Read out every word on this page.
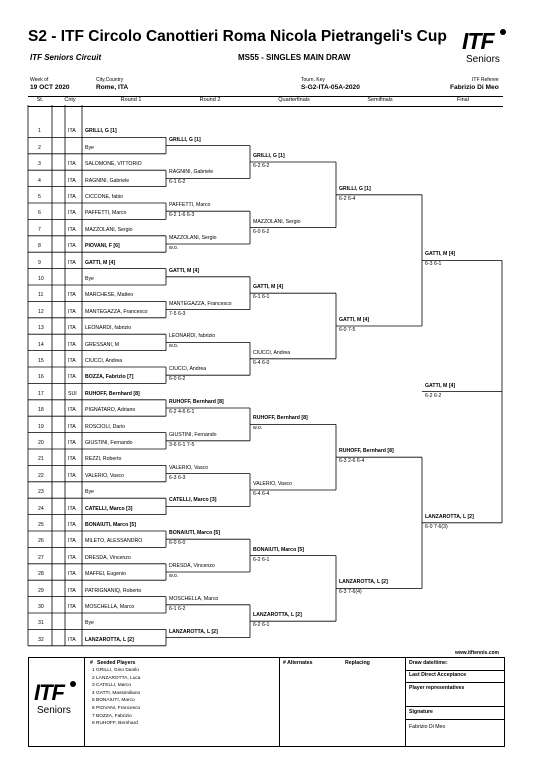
S2 - ITF Circolo Canottieri Roma Nicola Pietrangeli's Cup
ITF Seniors Circuit	MS55 - SINGLES MAIN DRAW
ITF
Seniors
Week of
19 OCT 2020
City,Country
Rome, ITA
Tourn. Key
S-G2-ITA-05A-2020
ITF Referee
Fabrizio Di Meo
St.	Cnty	Round 1	Round 2	Quarterfinals	Semifinals	Final
1	ITA GRILLI, G [1]
2	Bye
3	ITA SALOMONE, VITTORIO
4	ITA RAGNINI, Gabriele
5	ITA CICCONE, fabio
6	ITA PAFFETTI, Marco
7	ITA MAZZOLANI, Sergio
8	ITA PIOVANI, F [6]
9	ITA GATTI, M [4]
10	Bye
11	ITA MARCHESE, Matteo
12	ITA MANTEGAZZA, Francesco
13	ITA LEONARDI, fabrizio
14	ITA GRESSANI, M
15	ITA CIUCCI, Andrea
16	ITA BOZZA, Fabrizio [7]
17	SUI RUHOFF, Bernhard [8]
18	ITA PIGNATARO, Adriano
19	ITA ROSCIOLI, Dario
20	ITA GIUSTINI, Fernando
21	ITA REZZI, Roberto
22	ITA VALERIO, Vasco
23	Bye
24	ITA CATELLI, Marco [3]
25	ITA BONAIUTI, Marco [5]
26	ITA MILETO, ALESSANDRO
27	ITA DRESDA, Vincenzo
28	ITA MAFFEI, Eugenio
29	ITA PATRIGNANIQ, Roberto
30	ITA MOSCHELLA, Marco
31	Bye
32	ITA LANZAROTTA, L [2]
GRILLI, G [1]
RAGNINI, Gabriele
6-1 6-2
PAFFETTI, Marco
6-2 1-6 6-3
MAZZOLANI, Sergio
w.o.
GATTI, M [4]
MANTEGAZZA, Francesco
7-5 6-3
LEONARDI, fabrizio
w.o.
CIUCCI, Andrea
6-0 6-2
RUHOFF, Bernhard [8]
6-2 4-6 6-1
GIUSTINI, Fernando
3-6 6-1 7-5
VALERIO, Vasco
6-3 6-3
CATELLI, Marco [3]
BONAIUTI, Marco [5]
6-0 6-0
DRESDA, Vincenzo
w.o.
MOSCHELLA, Marco
6-1 6-2
LANZAROTTA, L [2]
GRILLI, G [1]
6-2 6-2
MAZZOLANI, Sergio
6-0 6-2
GATTI, M [4]
6-1 6-1
CIUCCI, Andrea
6-4 6-0
RUHOFF, Bernhard [8]
w.o.
VALERIO, Vasco
6-4 6-4
BONAIUTI, Marco [5]
6-2 6-1
LANZAROTTA, L [2]
6-2 6-1
GRILLI, G [1]
6-2 6-4
GATTI, M [4]
6-0 7-5
RUHOFF, Bernhard [8]
6-3 2-6 6-4
LANZAROTTA, L [2]
6-3 7-6(4)
GATTI, M [4]
6-3 6-1
LANZAROTTA, L [2]
6-0 7-6(3)
GATTI, M [4]
6-2 6-2
www.itftennis.com
ITF
Seniors
# Seeded Players
1 GRILLI, Gino Danilo
2 LANZAROTTA, Luca
3 CATELLI, Marco
4 GATTI, Massimiliano
5 BONAIUTI, Marco
6 PIOVANI, Francesco
7 BOZZA, Fabrizio
8 RUHOFF, Bernhard
# Alternates	Replacing	Draw date/time:
Last Direct Acceptance
Player representatives
Signature
Fabrizio Di Meo
